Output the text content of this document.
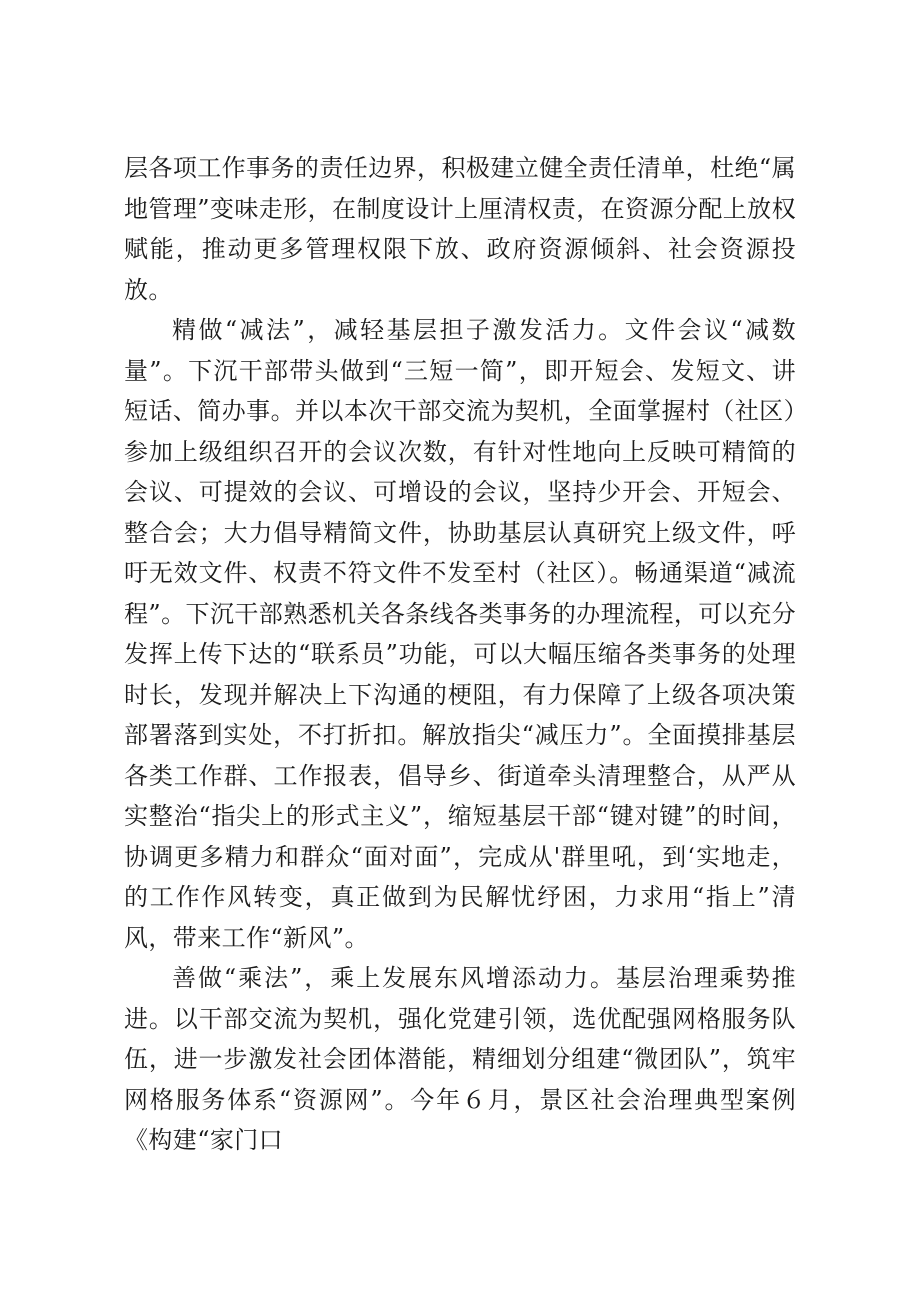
层各项工作事务的责任边界，积极建立健全责任清单，杜绝“属地管理”变味走形，在制度设计上厘清权责，在资源分配上放权赋能，推动更多管理权限下放、政府资源倾斜、社会资源投放。

精做“减法”，减轻基层担子激发活力。文件会议“减数量”。下沉干部带头做到“三短一简”，即开短会、发短文、讲短话、简办事。并以本次干部交流为契机，全面掌握村（社区）参加上级组织召开的会议次数，有针对性地向上反映可精简的会议、可提效的会议、可增设的会议，坚持少开会、开短会、整合会；大力倡导精简文件，协助基层认真研究上级文件，呼吁无效文件、权责不符文件不发至村（社区）。畅通渠道“减流程”。下沉干部熟悉机关各条线各类事务的办理流程，可以充分发挥上传下达的“联系员”功能，可以大幅压缩各类事务的处理时长，发现并解决上下沟通的梗阻，有力保障了上级各项决策部署落到实处，不打折扣。解放指尖“减压力”。全面摸排基层各类工作群、工作报表，倡导乡、街道牵头清理整合，从严从实整治“指尖上的形式主义”，缩短基层干部“键对键”的时间，协调更多精力和群众“面对面”，完成从'群里吼，到‘实地走，的工作作风转变，真正做到为民解忧纾困，力求用“指上”清风，带来工作“新风”。

善做“乘法”，乘上发展东风增添动力。基层治理乘势推进。以干部交流为契机，强化党建引领，选优配强网格服务队伍，进一步激发社会团体潜能，精细划分组建“微团队”，筑牢网格服务体系“资源网”。今年６月，景区社会治理典型案例《构建“家门口
